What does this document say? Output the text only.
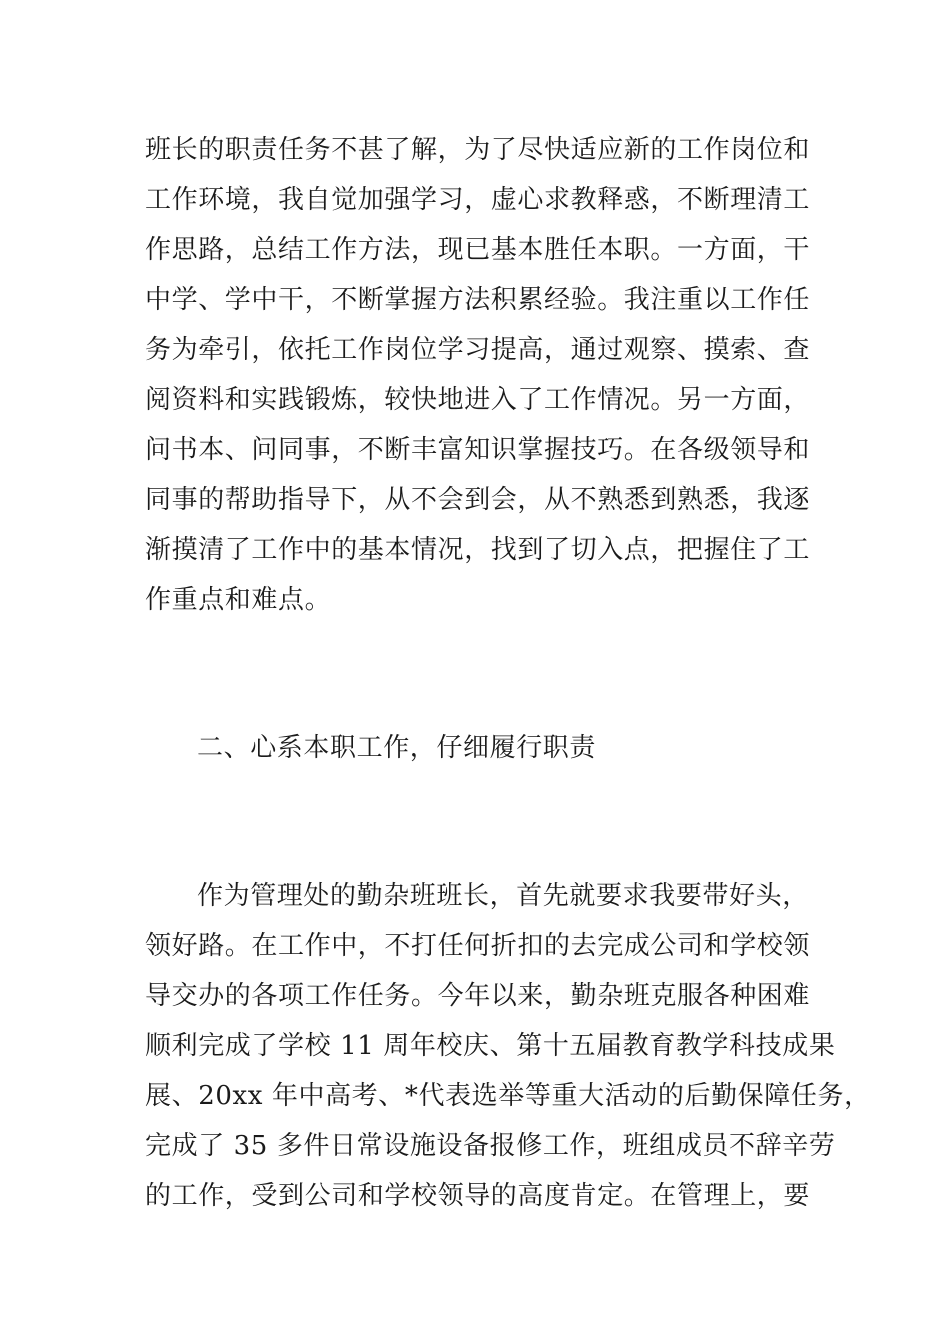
班长的职责任务不甚了解，为了尽快适应新的工作岗位和
工作环境，我自觉加强学习，虚心求教释惑，不断理清工
作思路，总结工作方法，现已基本胜任本职。一方面，干
中学、学中干，不断掌握方法积累经验。我注重以工作任
务为牵引，依托工作岗位学习提高，通过观察、摸索、查
阅资料和实践锻炼，较快地进入了工作情况。另一方面，
问书本、问同事，不断丰富知识掌握技巧。在各级领导和
同事的帮助指导下，从不会到会，从不熟悉到熟悉，我逐
渐摸清了工作中的基本情况，找到了切入点，把握住了工
作重点和难点。
二、心系本职工作，仔细履行职责
作为管理处的勤杂班班长，首先就要求我要带好头，
领好路。在工作中，不打任何折扣的去完成公司和学校领
导交办的各项工作任务。今年以来，勤杂班克服各种困难
顺利完成了学校 11 周年校庆、第十五届教育教学科技成果
展、20xx 年中高考、*代表选举等重大活动的后勤保障任务，
完成了 35 多件日常设施设备报修工作，班组成员不辞辛劳
的工作，受到公司和学校领导的高度肯定。在管理上，要
